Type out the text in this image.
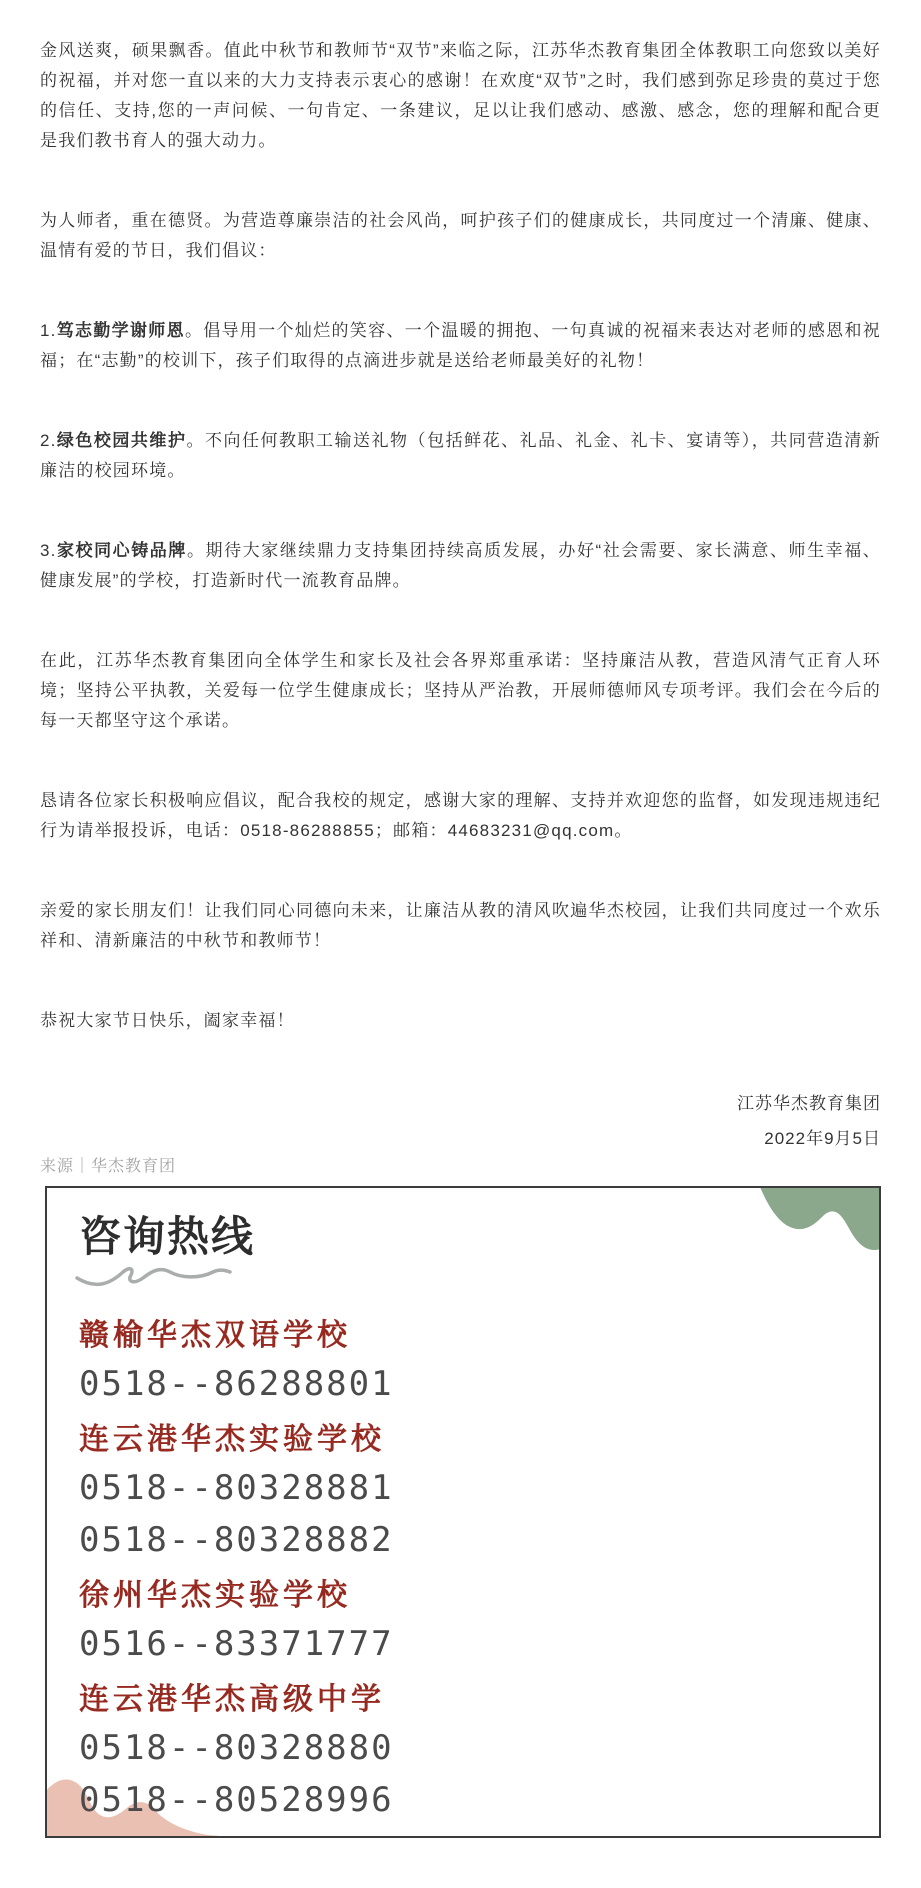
金风送爽，硕果飘香。值此中秋节和教师节“双节”来临之际，江苏华杰教育集团全体教职工向您致以美好的祝福，并对您一直以来的大力支持表示衷心的感谢！在欢度“双节”之时，我们感到弥足珍贵的莫过于您的信任、支持,您的一声问候、一句肯定、一条建议，足以让我们感动、感激、感念，您的理解和配合更是我们教书育人的强大动力。

为人师者，重在德贤。为营造尊廉崇洁的社会风尚，呵护孩子们的健康成长，共同度过一个清廉、健康、温情有爱的节日，我们倡议：

1.笃志勤学谢师恩。倡导用一个灿烂的笑容、一个温暖的拥抱、一句真诚的祝福来表达对老师的感恩和祝福；在“志勤”的校训下，孩子们取得的点滴进步就是送给老师最美好的礼物！

2.绿色校园共维护。不向任何教职工输送礼物（包括鲜花、礼品、礼金、礼卡、宴请等），共同营造清新廉洁的校园环境。

3.家校同心铸品牌。期待大家继续鼎力支持集团持续高质发展，办好“社会需要、家长满意、师生幸福、健康发展”的学校，打造新时代一流教育品牌。

在此，江苏华杰教育集团向全体学生和家长及社会各界郑重承诺：坚持廉洁从教，营造风清气正育人环境；坚持公平执教，关爱每一位学生健康成长；坚持从严治教，开展师德师风专项考评。我们会在今后的每一天都坚守这个承诺。

恳请各位家长积极响应倡议，配合我校的规定，感谢大家的理解、支持并欢迎您的监督，如发现违规违纪行为请举报投诉，电话：0518-86288855；邮箱：44683231@qq.com。

亲爱的家长朋友们！让我们同心同德向未来，让廉洁从教的清风吹遍华杰校园，让我们共同度过一个欢乐祥和、清新廉洁的中秋节和教师节！

恭祝大家节日快乐，阖家幸福！

江苏华杰教育集团
2022年9月5日
来源｜华杰教育团
咨询热线
赣榆华杰双语学校
0518--86288801
连云港华杰实验学校
0518--80328881
0518--80328882
徐州华杰实验学校
0516--83371777
连云港华杰高级中学
0518--80328880
0518--80528996
